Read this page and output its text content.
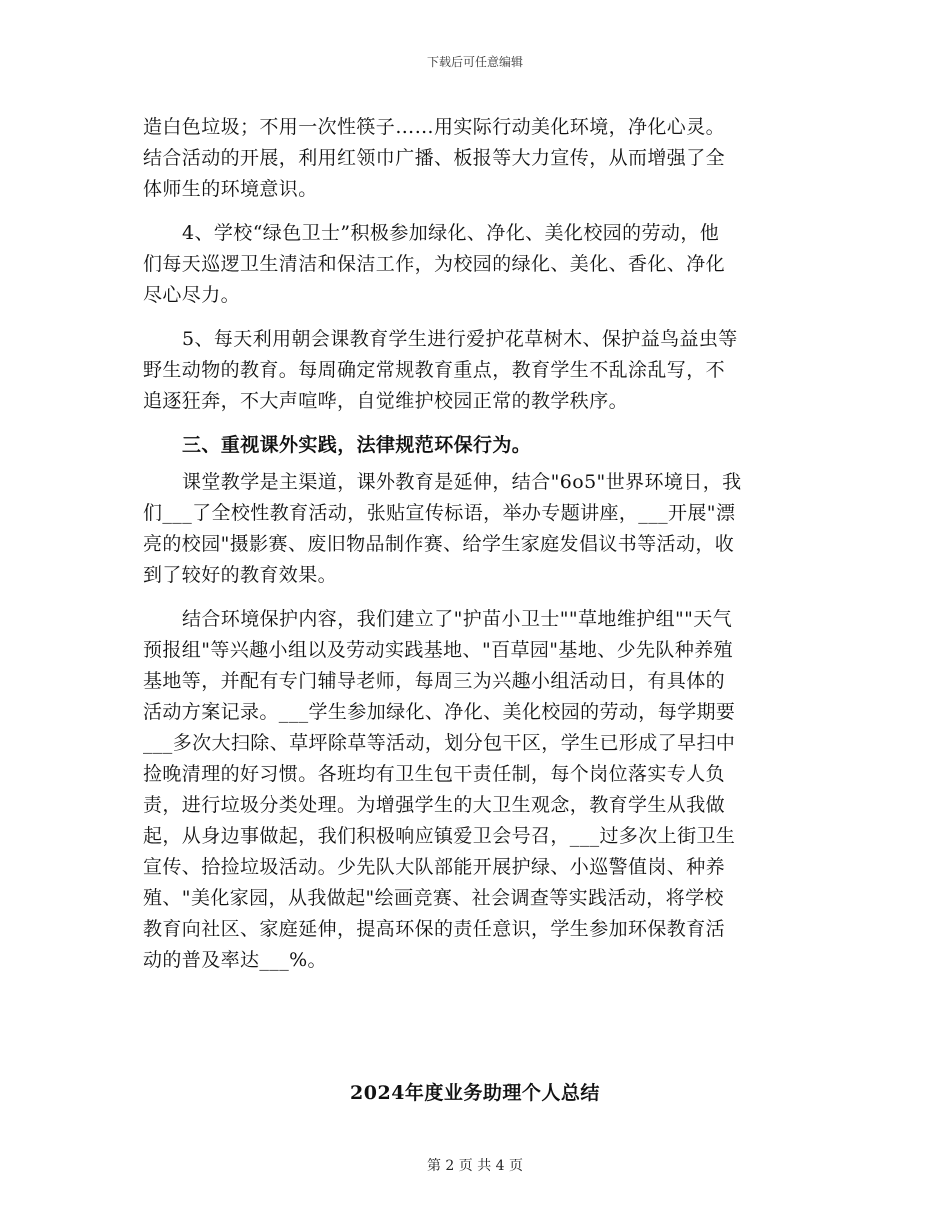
下载后可任意编辑

造白色垃圾；不用一次性筷子……用实际行动美化环境，净化心灵。
结合活动的开展，利用红领巾广播、板报等大力宣传，从而增强了全
体师生的环境意识。

4、学校“绿色卫士”积极参加绿化、净化、美化校园的劳动，他
们每天巡逻卫生清洁和保洁工作，为校园的绿化、美化、香化、净化
尽心尽力。

5、每天利用朝会课教育学生进行爱护花草树木、保护益鸟益虫等
野生动物的教育。每周确定常规教育重点，教育学生不乱涂乱写，不
追逐狂奔，不大声喧哗，自觉维护校园正常的教学秩序。

三、重视课外实践，法律规范环保行为。

课堂教学是主渠道，课外教育是延伸，结合"6o5"世界环境日，我
们___了全校性教育活动，张贴宣传标语，举办专题讲座，___开展"漂
亮的校园"摄影赛、废旧物品制作赛、给学生家庭发倡议书等活动，收
到了较好的教育效果。

结合环境保护内容，我们建立了"护苗小卫士""草地维护组""天气
预报组"等兴趣小组以及劳动实践基地、"百草园"基地、少先队种养殖
基地等，并配有专门辅导老师，每周三为兴趣小组活动日，有具体的
活动方案记录。___学生参加绿化、净化、美化校园的劳动，每学期要
___多次大扫除、草坪除草等活动，划分包干区，学生已形成了早扫中
捡晚清理的好习惯。各班均有卫生包干责任制，每个岗位落实专人负
责，进行垃圾分类处理。为增强学生的大卫生观念，教育学生从我做
起，从身边事做起，我们积极响应镇爱卫会号召，___过多次上街卫生
宣传、拾捡垃圾活动。少先队大队部能开展护绿、小巡警值岗、种养
殖、"美化家园，从我做起"绘画竞赛、社会调查等实践活动，将学校
教育向社区、家庭延伸，提高环保的责任意识，学生参加环保教育活
动的普及率达___%。

2024年度业务助理个人总结
第 2 页 共 4 页
